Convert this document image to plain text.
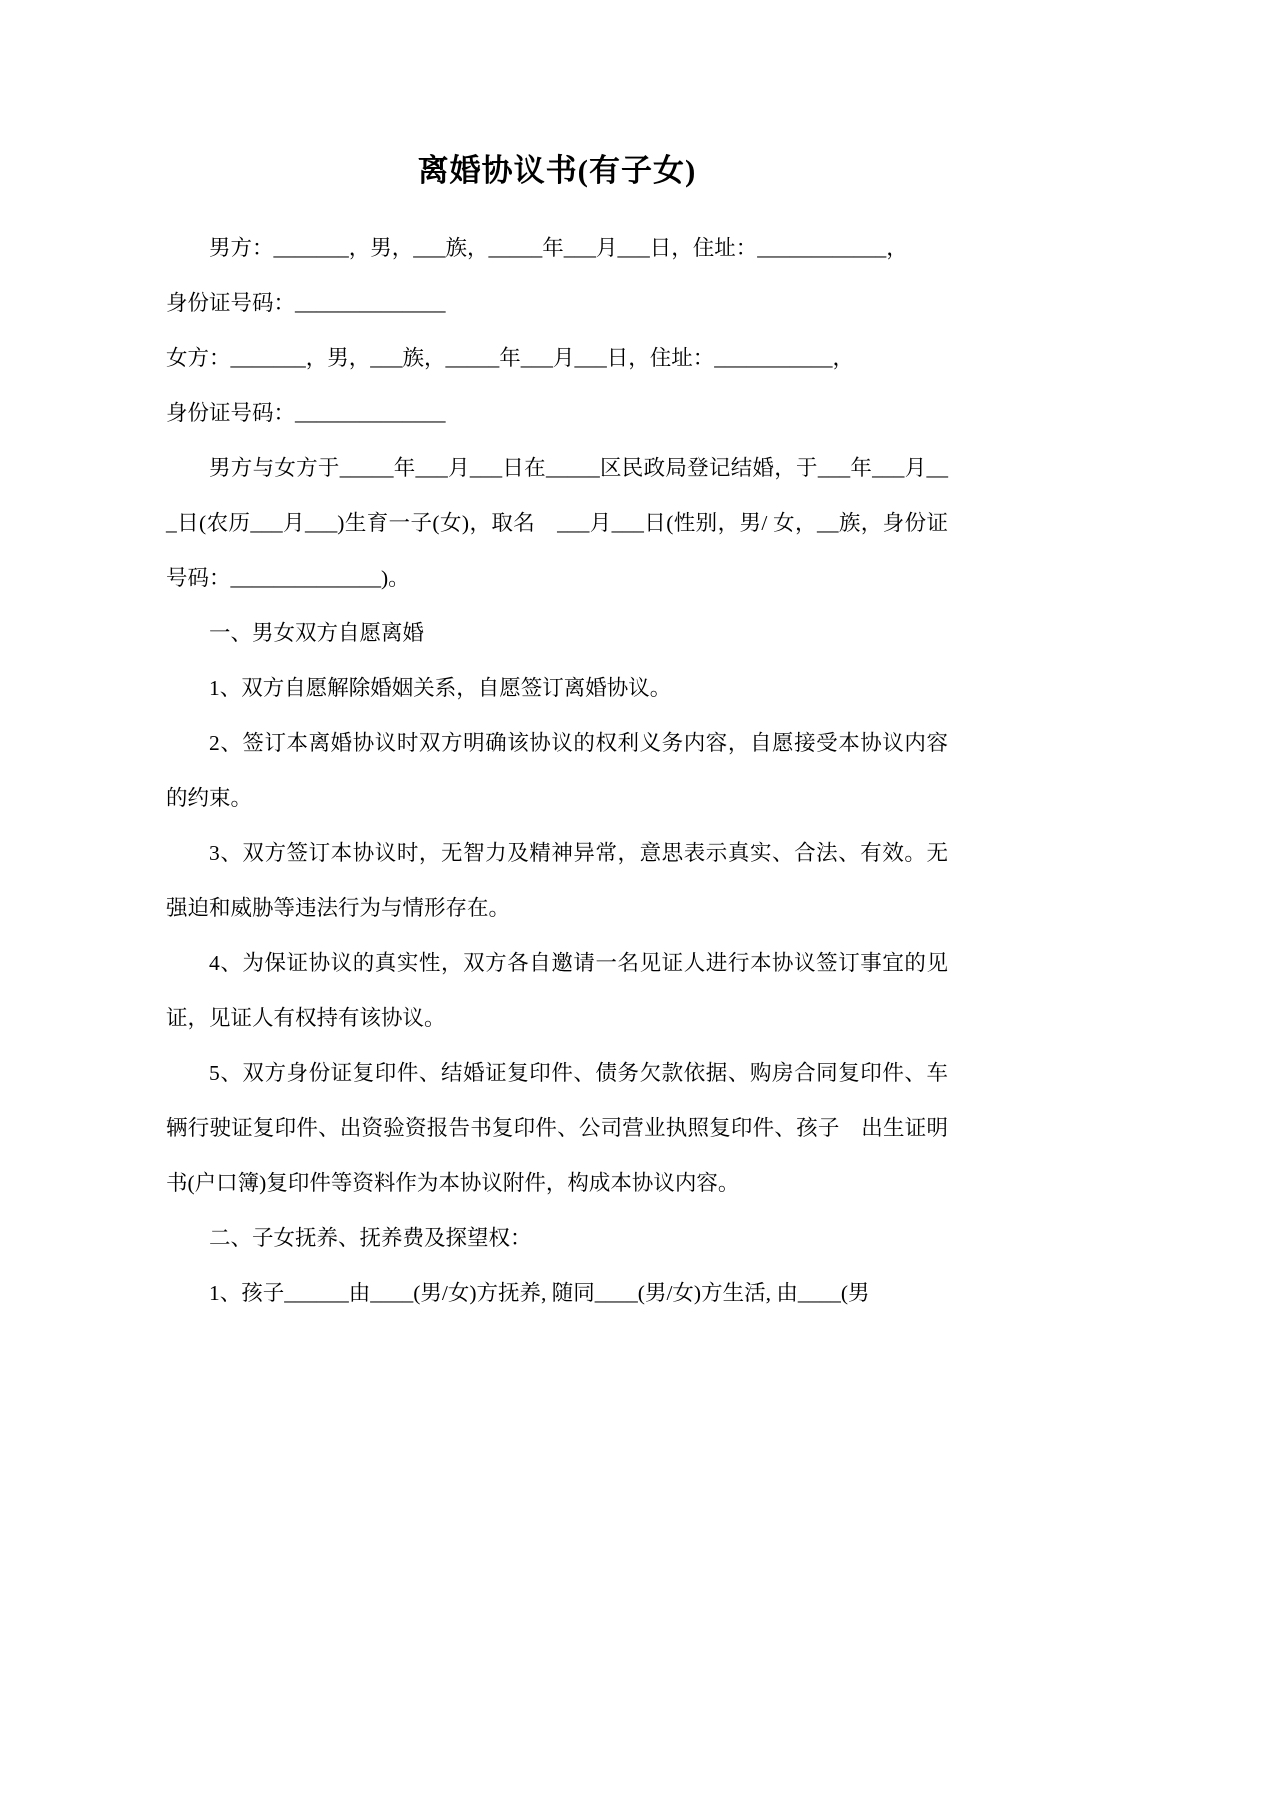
离婚协议书(有子女)

男方：_______，男，___族，_____年___月___日，住址：____________，

身份证号码：______________

女方：_______，男，___族，_____年___月___日，住址：___________，

身份证号码：______________

男方与女方于_____年___月___日在_____区民政局登记结婚，于___年___月___日(农历___月___)生育一子(女)，取名　___月___日(性别，男/ 女，__族，身份证号码：______________)。

一、男女双方自愿离婚

1、双方自愿解除婚姻关系，自愿签订离婚协议。

2、签订本离婚协议时双方明确该协议的权利义务内容，自愿接受本协议内容的约束。

3、双方签订本协议时，无智力及精神异常，意思表示真实、合法、有效。无强迫和威胁等违法行为与情形存在。

4、为保证协议的真实性，双方各自邀请一名见证人进行本协议签订事宜的见证，见证人有权持有该协议。

5、双方身份证复印件、结婚证复印件、债务欠款依据、购房合同复印件、车辆行驶证复印件、出资验资报告书复印件、公司营业执照复印件、孩子　出生证明书(户口簿)复印件等资料作为本协议附件，构成本协议内容。

二、子女抚养、抚养费及探望权：

1、孩子______由____(男/女)方抚养, 随同____(男/女)方生活, 由____(男
